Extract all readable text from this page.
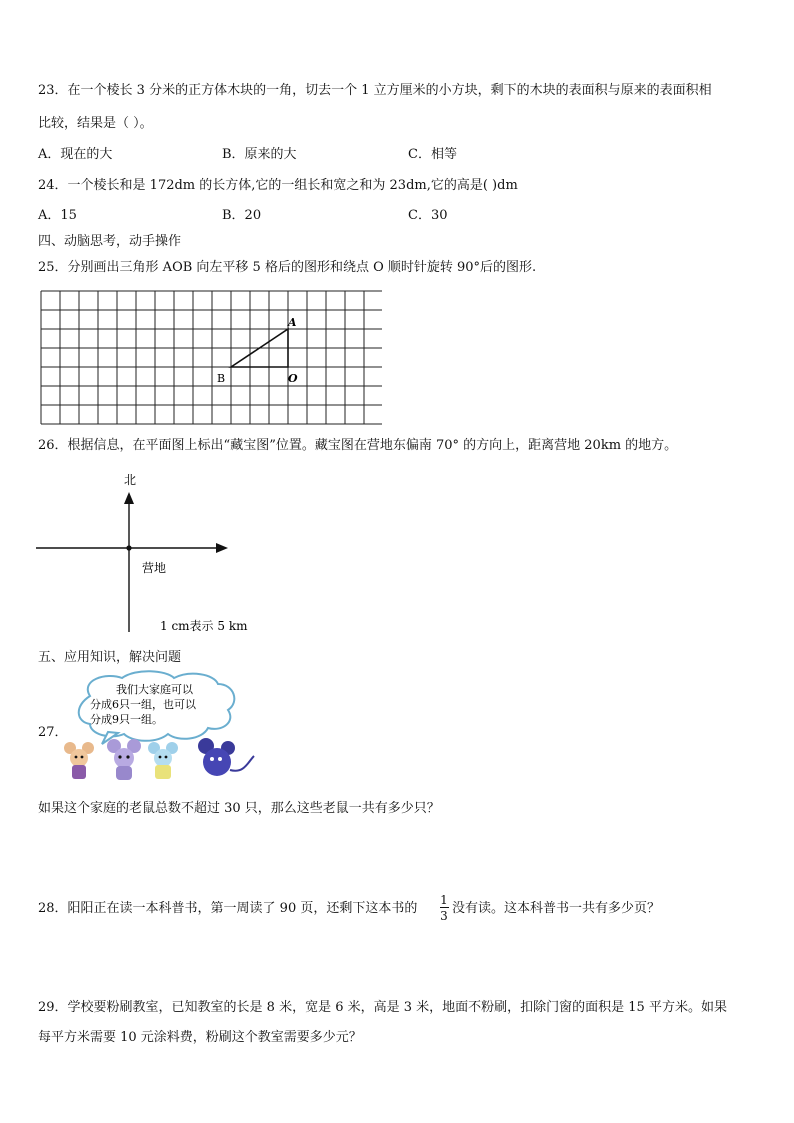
23．在一个棱长 3 分米的正方体木块的一角，切去一个 1 立方厘米的小方块，剩下的木块的表面积与原来的表面积相
比较，结果是（ ）。
A．现在的大	B．原来的大	C．相等
24．一个棱长和是 172dm 的长方体,它的一组长和宽之和为 23dm,它的高是( )dm
A．15	B．20	C．30
四、动脑思考，动手操作
25．分别画出三角形 AOB 向左平移 5 格后的图形和绕点 O 顺时针旋转 90°后的图形.
A
B	O
26．根据信息，在平面图上标出“藏宝图”位置。藏宝图在营地东偏南 70° 的方向上，距离营地 20km 的地方。
北
营地
1 cm表示 5 km
五、应用知识，解决问题
27．
我们大家庭可以
分成6只一组，也可以
分成9只一组。
如果这个家庭的老鼠总数不超过 30 只，那么这些老鼠一共有多少只？
28．阳阳正在读一本科普书，第一周读了 90 页，还剩下这本书的
1
3 没有读。这本科普书一共有多少页？
29．学校要粉刷教室，已知教室的长是 8 米，宽是 6 米，高是 3 米，地面不粉刷，扣除门窗的面积是 15 平方米。如果
每平方米需要 10 元涂料费，粉刷这个教室需要多少元？
